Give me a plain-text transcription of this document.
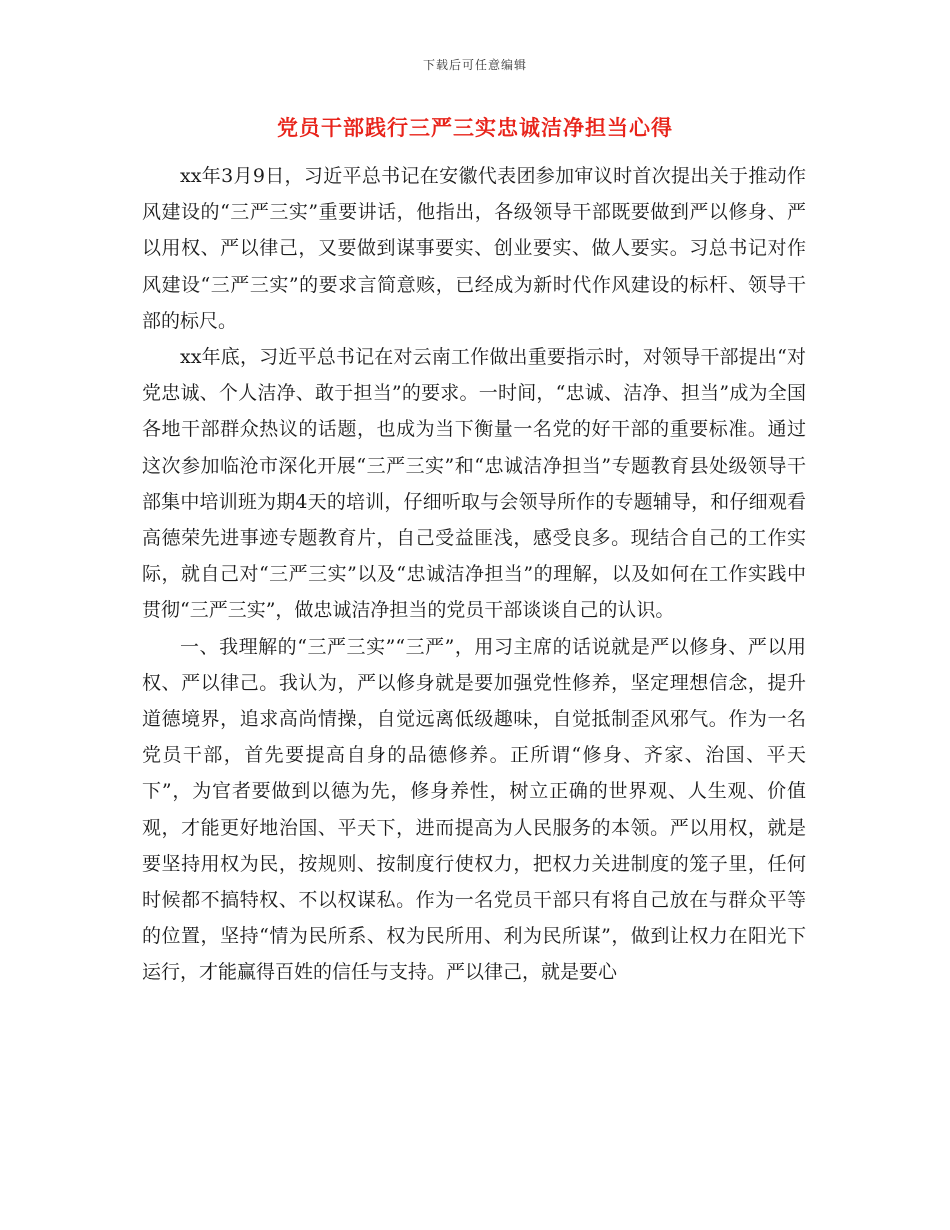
下载后可任意编辑
党员干部践行三严三实忠诚洁净担当心得

xx年3月9日，习近平总书记在安徽代表团参加审议时首次提出关于推动作风建设的“三严三实”重要讲话，他指出，各级领导干部既要做到严以修身、严以用权、严以律己，又要做到谋事要实、创业要实、做人要实。习总书记对作风建设“三严三实”的要求言简意赅，已经成为新时代作风建设的标杆、领导干部的标尺。

xx年底，习近平总书记在对云南工作做出重要指示时，对领导干部提出“对党忠诚、个人洁净、敢于担当”的要求。一时间，“忠诚、洁净、担当”成为全国各地干部群众热议的话题，也成为当下衡量一名党的好干部的重要标准。通过这次参加临沧市深化开展“三严三实”和“忠诚洁净担当”专题教育县处级领导干部集中培训班为期4天的培训，仔细听取与会领导所作的专题辅导，和仔细观看高德荣先进事迹专题教育片，自己受益匪浅，感受良多。现结合自己的工作实际，就自己对“三严三实”以及“忠诚洁净担当”的理解，以及如何在工作实践中贯彻“三严三实”，做忠诚洁净担当的党员干部谈谈自己的认识。

一、我理解的“三严三实”“三严”，用习主席的话说就是严以修身、严以用权、严以律己。我认为，严以修身就是要加强党性修养，坚定理想信念，提升道德境界，追求高尚情操，自觉远离低级趣味，自觉抵制歪风邪气。作为一名党员干部，首先要提高自身的品德修养。正所谓“修身、齐家、治国、平天下”，为官者要做到以德为先，修身养性，树立正确的世界观、人生观、价值观，才能更好地治国、平天下，进而提高为人民服务的本领。严以用权，就是要坚持用权为民，按规则、按制度行使权力，把权力关进制度的笼子里，任何时候都不搞特权、不以权谋私。作为一名党员干部只有将自己放在与群众平等的位置，坚持“情为民所系、权为民所用、利为民所谋”，做到让权力在阳光下运行，才能赢得百姓的信任与支持。严以律己，就是要心
